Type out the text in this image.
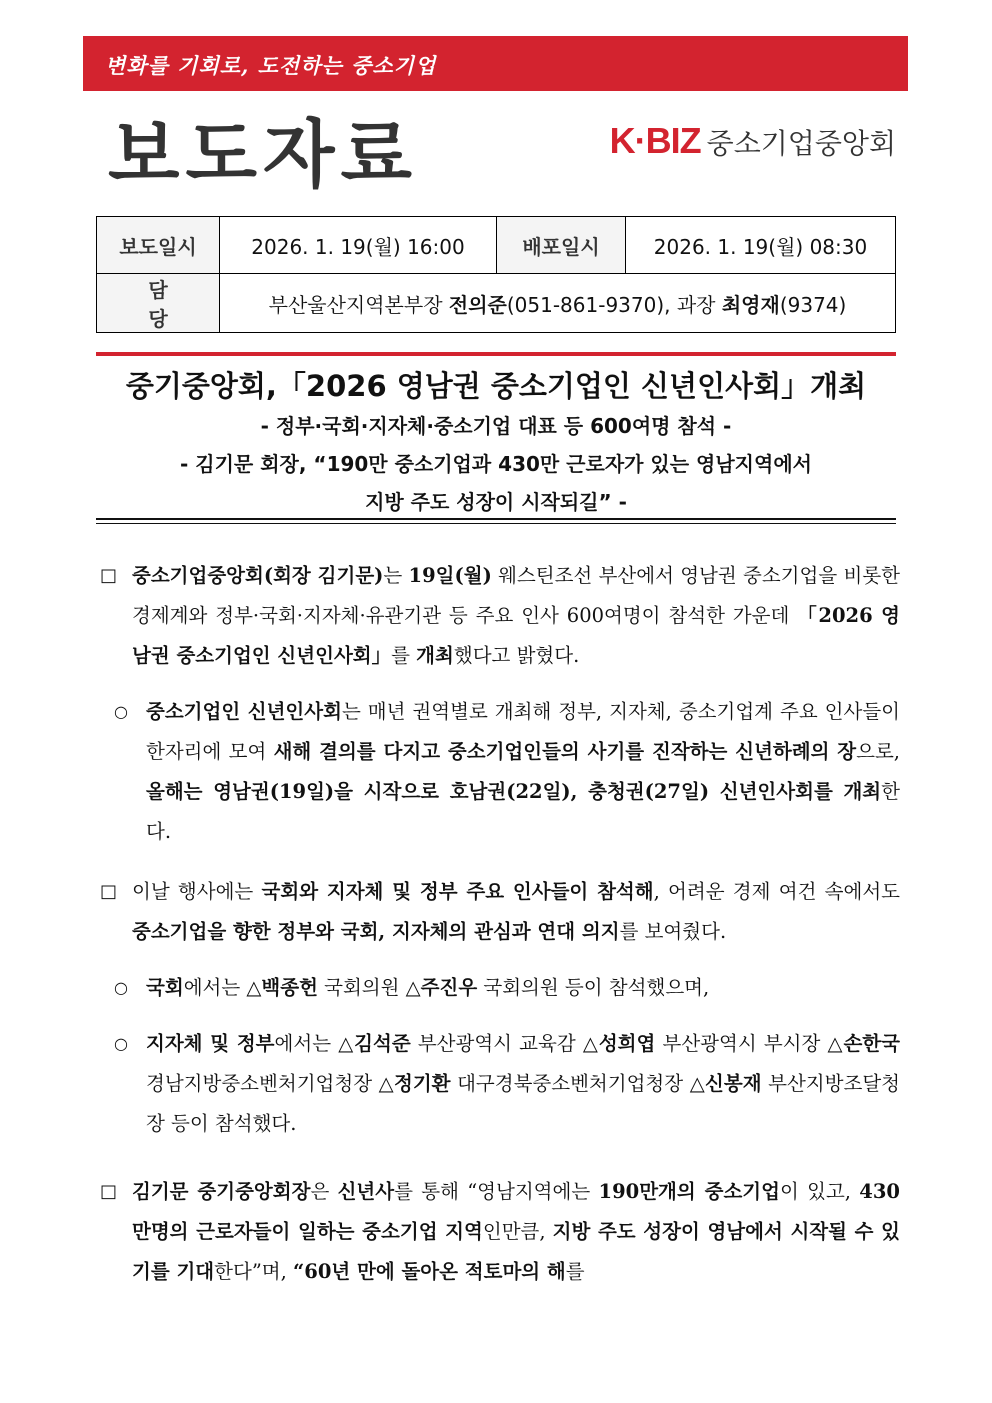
변화를 기회로, 도전하는 중소기업
보도자료	K·BIZ 중소기업중앙회
보도일시	2026. 1. 19(월) 16:00	배포일시	2026. 1. 19(월) 08:30
담당	부산울산지역본부장 전의준(051-861-9370), 과장 최영재(9374)		
중기중앙회,「2026 영남권 중소기업인 신년인사회」개최
- 정부·국회·지자체·중소기업 대표 등 600여명 참석 -
- 김기문 회장, “190만 중소기업과 430만 근로자가 있는 영남지역에서
지방 주도 성장이 시작되길” -
□ 중소기업중앙회(회장 김기문)는 19일(월) 웨스틴조선 부산에서 영남권 중소기업을 비롯한 경제계와 정부·국회·지자체·유관기관 등 주요 인사 600여명이 참석한 가운데 「2026 영남권 중소기업인 신년인사회」를 개최했다고 밝혔다.
○ 중소기업인 신년인사회는 매년 권역별로 개최해 정부, 지자체, 중소기업계 주요 인사들이 한자리에 모여 새해 결의를 다지고 중소기업인들의 사기를 진작하는 신년하례의 장으로, 올해는 영남권(19일)을 시작으로 호남권(22일), 충청권(27일) 신년인사회를 개최한다.
□ 이날 행사에는 국회와 지자체 및 정부 주요 인사들이 참석해, 어려운 경제 여건 속에서도 중소기업을 향한 정부와 국회, 지자체의 관심과 연대 의지를 보여줬다.
○ 국회에서는 △백종헌 국회의원 △주진우 국회의원 등이 참석했으며,
○ 지자체 및 정부에서는 △김석준 부산광역시 교육감 △성희엽 부산광역시 부시장 △손한국 경남지방중소벤처기업청장 △정기환 대구경북중소벤처기업청장 △신봉재 부산지방조달청장 등이 참석했다.
□ 김기문 중기중앙회장은 신년사를 통해 “영남지역에는 190만개의 중소기업이 있고, 430만명의 근로자들이 일하는 중소기업 지역인만큼, 지방 주도 성장이 영남에서 시작될 수 있기를 기대한다”며, “60년 만에 돌아온 적토마의 해를
